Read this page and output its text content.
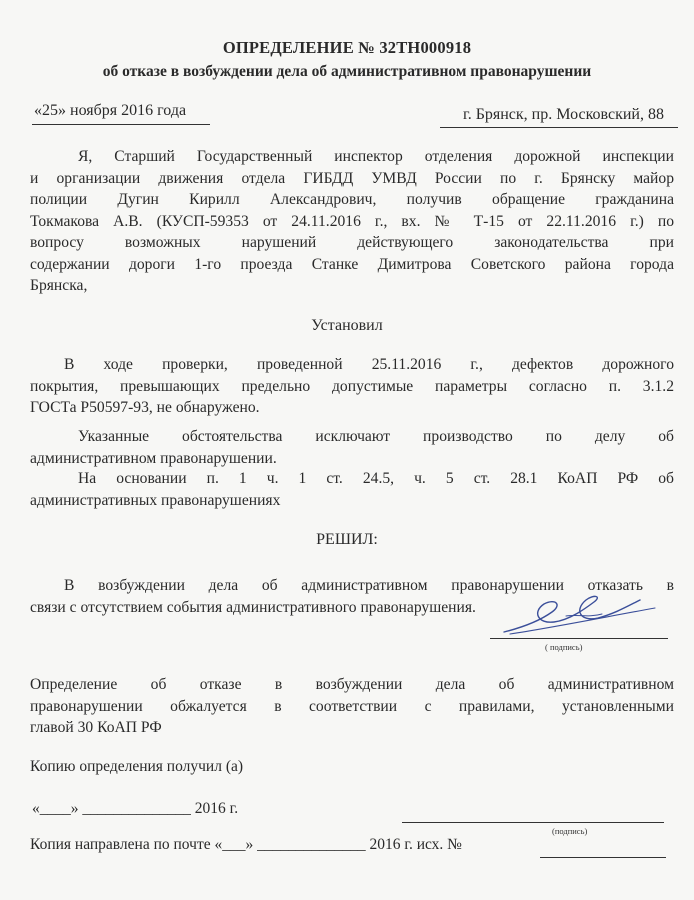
ОПРЕДЕЛЕНИЕ № 32ТН000918
об отказе в возбуждении дела об административном правонарушении
«25» ноября 2016 года	г. Брянск, пр. Московский, 88
Я, Старший Государственный инспектор отделения дорожной инспекции
и организации движения отдела ГИБДД УМВД России по г. Брянску майор
полиции Дугин Кирилл Александрович, получив обращение гражданина
Токмакова А.В. (КУСП-59353 от 24.11.2016 г., вх. № Т-15 от 22.11.2016 г.) по
вопросу возможных нарушений действующего законодательства при
содержании дороги 1-го проезда Станке Димитрова Советского района города
Брянска,
Установил
В ходе проверки, проведенной 25.11.2016 г., дефектов дорожного
покрытия, превышающих предельно допустимые параметры согласно п. 3.1.2
ГОСТа Р50597-93, не обнаружено.
Указанные обстоятельства исключают производство по делу об
административном правонарушении.
На основании п. 1 ч. 1 ст. 24.5, ч. 5 ст. 28.1 КоАП РФ об
административных правонарушениях
РЕШИЛ:
В возбуждении дела об административном правонарушении отказать в
связи с отсутствием события административного правонарушения.
( подпись)
Определение об отказе в возбуждении дела об административном
правонарушении обжалуется в соответствии с правилами, установленными
главой 30 КоАП РФ
Копию определения получил (а)
«____» ______________ 2016 г.
(подпись)
Копия направлена по почте «___» ______________ 2016 г. исх. №
